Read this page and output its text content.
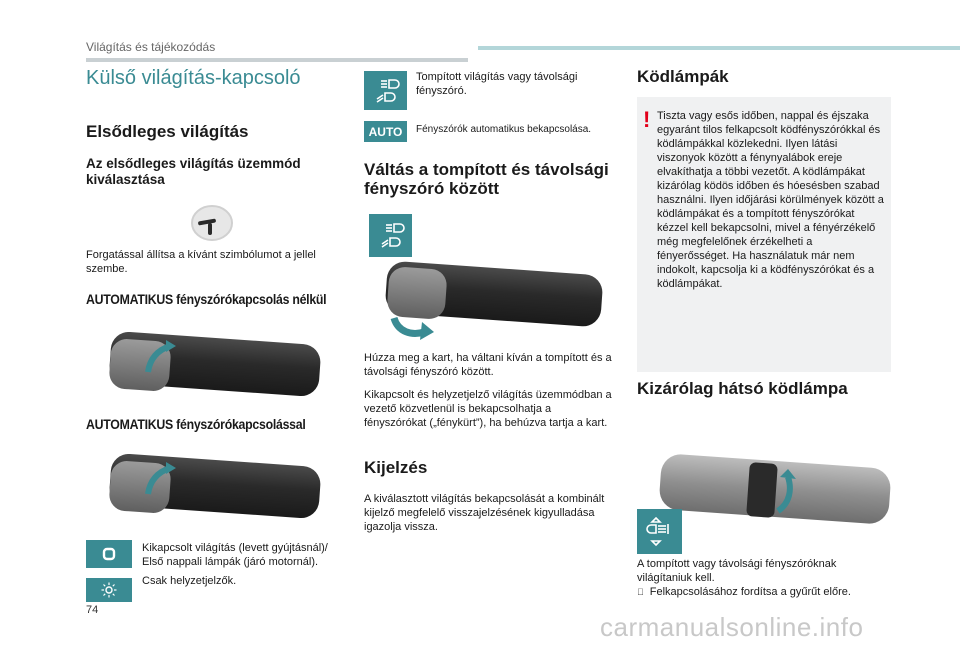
Világítás és tájékozódás
Külső világítás-kapcsoló
Elsődleges világítás
Az elsődleges világítás üzemmód kiválasztása
Forgatással állítsa a kívánt szimbólumot a jellel szembe.
AUTOMATIKUS fényszórókapcsolás nélkül
AUTOMATIKUS fényszórókapcsolással
Kikapcsolt világítás (levett gyújtásnál)/ Első nappali lámpák (járó motornál).
Csak helyzetjelzők.
Tompított világítás vagy távolsági fényszóró.
AUTO	Fényszórók automatikus bekapcsolása.
Váltás a tompított és távolsági fényszóró között
Húzza meg a kart, ha váltani kíván a tompított és a távolsági fényszóró között.
Kikapcsolt és helyzetjelző világítás üzemmódban a vezető közvetlenül is bekapcsolhatja a fényszórókat („fénykürt”), ha behúzva tartja a kart.
Kijelzés
A kiválasztott világítás bekapcsolását a kombinált kijelző megfelelő visszajelzésének kigyulladása igazolja vissza.
Ködlámpák
! Tiszta vagy esős időben, nappal és éjszaka egyaránt tilos felkapcsolt ködfényszórókkal és ködlámpákkal közlekedni. Ilyen látási viszonyok között a fénynyalábok ereje elvakíthatja a többi vezetőt. A ködlámpákat kizárólag ködös időben és hóesésben szabad használni. Ilyen időjárási körülmények között a ködlámpákat és a tompított fényszórókat kézzel kell bekapcsolni, mivel a fényérzékelő még megfelelőnek érzékelheti a fényerősséget. Ha használatuk már nem indokolt, kapcsolja ki a ködfényszórókat és a ködlámpákat.
Kizárólag hátsó ködlámpa
A tompított vagy távolsági fényszóróknak világítaniuk kell.
Felkapcsolásához fordítsa a gyűrűt előre.
74
carmanualsonline.info
